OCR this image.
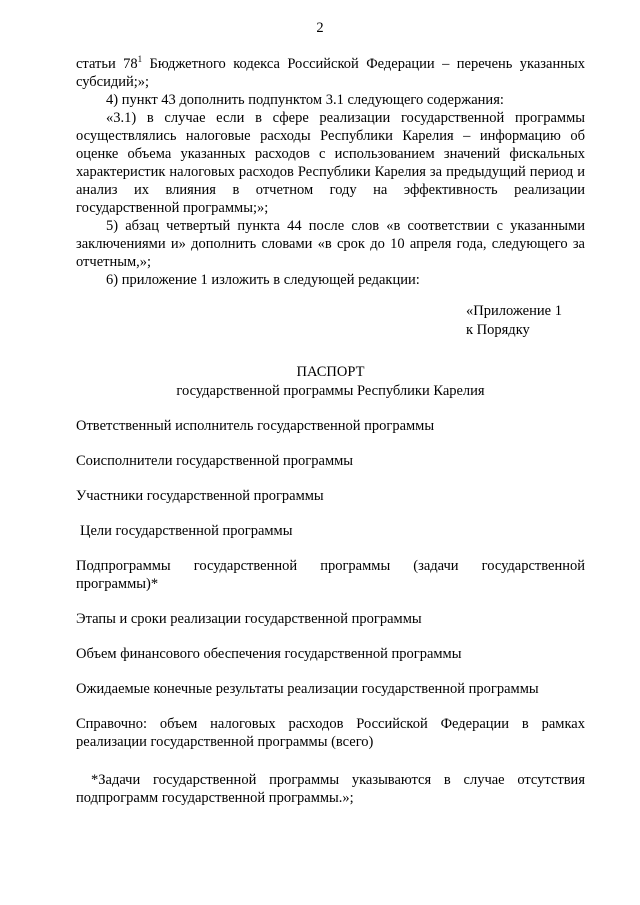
2

статьи $78^1$ Бюджетного кодекса Российской Федерации – перечень указанных субсидий;»;

4) пункт 43 дополнить подпунктом 3.1 следующего содержания:

«3.1) в случае если в сфере реализации государственной программы осуществлялись налоговые расходы Республики Карелия – информацию об оценке объема указанных расходов с использованием значений фискальных характеристик налоговых расходов Республики Карелия за предыдущий период и анализ их влияния в отчетном году на эффективность реализации государственной программы;»;

5) абзац четвертый пункта 44 после слов «в соответствии с указанными заключениями и» дополнить словами «в срок до 10 апреля года, следующего за отчетным,»;

6) приложение 1 изложить в следующей редакции:

«Приложение 1
к Порядку
ПАСПОРТ
государственной программы Республики Карелия

Ответственный исполнитель государственной программы

Соисполнители государственной программы

Участники государственной программы

Цели государственной программы

Подпрограммы государственной программы (задачи государственной программы)*

Этапы и сроки реализации государственной программы

Объем финансового обеспечения государственной программы

Ожидаемые конечные результаты реализации государственной программы

Справочно: объем налоговых расходов Российской Федерации в рамках реализации государственной программы (всего)

*Задачи государственной программы указываются в случае отсутствия подпрограмм государственной программы.»;
